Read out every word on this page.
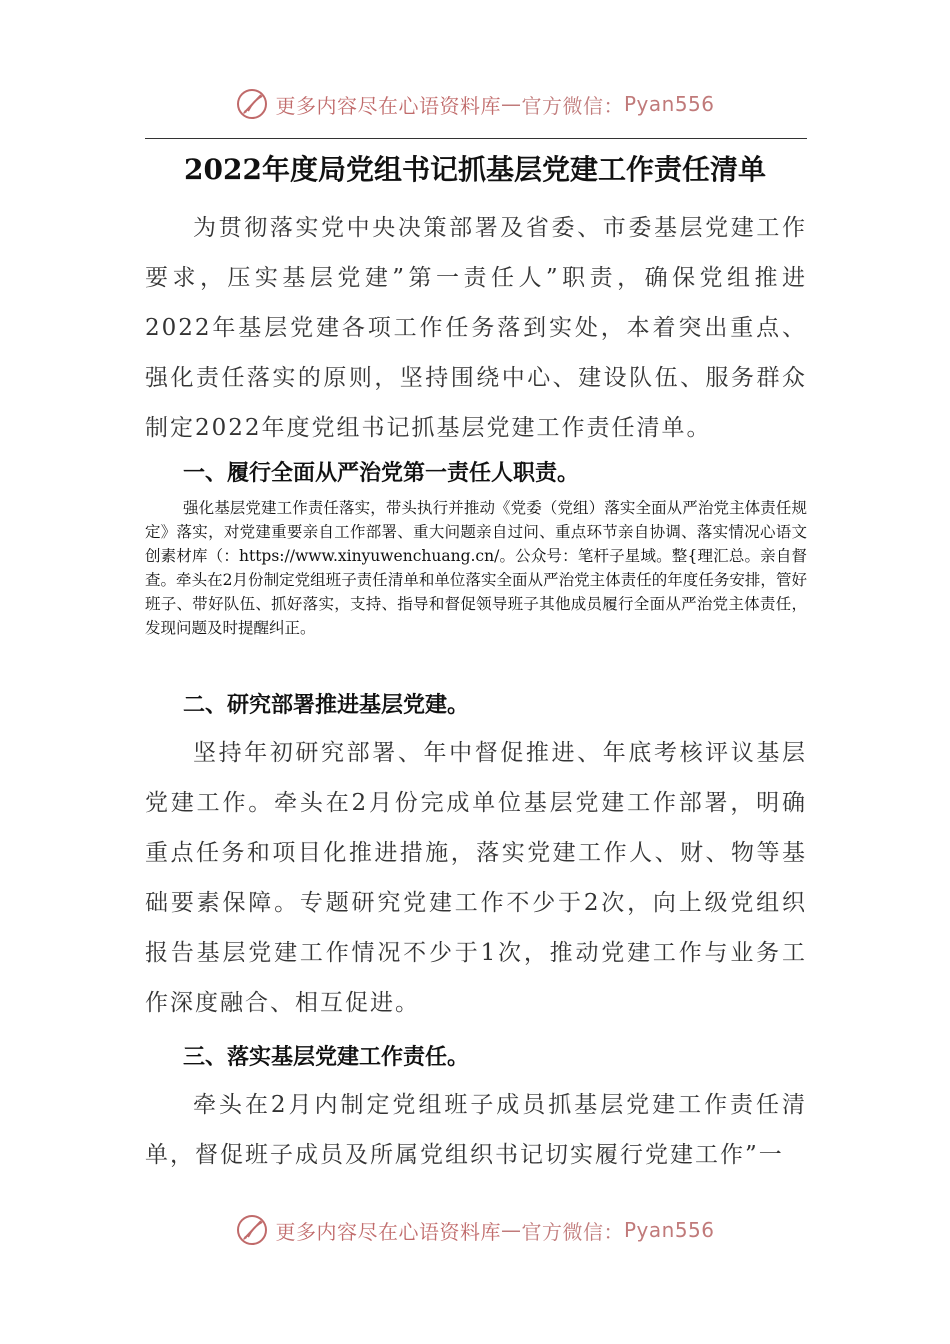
更多内容尽在心语资料库 — 官方微信： Pyan556
2022年度局党组书记抓基层党建工作责任清单

为贯彻落实党中央决策部署及省委、市委基层党建工作要求，压实基层党建”第一责任人”职责，确保党组推进2022年基层党建各项工作任务落到实处，本着突出重点、强化责任落实的原则，坚持围绕中心、建设队伍、服务群众制定2022年度党组书记抓基层党建工作责任清单。

一、履行全面从严治党第一责任人职责。

强化基层党建工作责任落实，带头执行并推动《党委（党组）落实全面从严治党主体责任规定》落实，对党建重要亲自工作部署、重大问题亲自过问、重点环节亲自协调、落实情况心语文创素材库（：https://www.xinyuwenchuang.cn/。公众号：笔杆子星域。整{理汇总。亲自督查。牵头在2月份制定党组班子责任清单和单位落实全面从严治党主体责任的年度任务安排，管好班子、带好队伍、抓好落实，支持、指导和督促领导班子其他成员履行全面从严治党主体责任，发现问题及时提醒纠正。

二、研究部署推进基层党建。

坚持年初研究部署、年中督促推进、年底考核评议基层党建工作。牵头在2月份完成单位基层党建工作部署，明确重点任务和项目化推进措施，落实党建工作人、财、物等基础要素保障。专题研究党建工作不少于2次，向上级党组织报告基层党建工作情况不少于1次，推动党建工作与业务工作深度融合、相互促进。

三、落实基层党建工作责任。

牵头在2月内制定党组班子成员抓基层党建工作责任清单，督促班子成员及所属党组织书记切实履行党建工作”一

更多内容尽在心语资料库 — 官方微信： Pyan556
